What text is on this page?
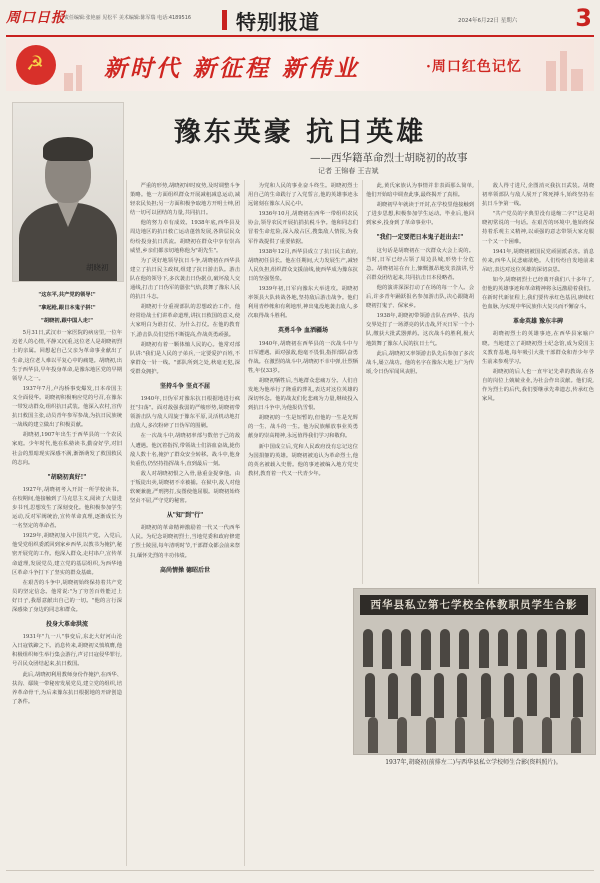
周口日报
责任编辑:张艳丽 见松平 美术编辑:陈军瑞 电话:4189516 特别报道	2024年6月22日 星期六 3
☭	新时代 新征程 新伟业	·周口红色记忆
胡晓初
豫东英豪 抗日英雄
——西华籍革命烈士胡晓初的故事
记者 王锦春 王吉斌

"这东平,共产党的领导!"

"拿起枪,跟日本鬼子拼!"

"胡晓初,跟中国人走!"

5月31日,武汉市一家医院的病房里,一位年迈老人的心情,平静又沉重,这位老人是胡晓初烈士的亲属。回想起自己父亲为革命事业献出了生命,这位老人难以平复心中的痛楚。胡晓初,出生于西华县,早年投身革命,是豫东地区党的早期领导人之一。

1937年7月,卢沟桥事变爆发,日本帝国主义全面侵华。胡晓初积极响应党的号召,在豫东一带发动群众,组织抗日武装。他深入农村,宣传抗日救国主张,动员青年参军参战,为抗日民族统一战线的建立做出了积极贡献。

胡晓初,1907年出生于西华县的一个农民家庭。少年时代,他在私塾读书,勤奋好学,对旧社会的黑暗现实深感不满,渐渐萌发了救国救民的志向。

"胡晓初真好!"

1927年,胡晓初考入开封一所学校读书。在校期间,他接触到了马克思主义,阅读了大量进步书刊,思想发生了深刻变化。他积极参加学生运动,反对军阀统治,宣传革命真理,逐渐成长为一名坚定的革命者。

1929年,胡晓初加入中国共产党。入党后,他受党组织委派回到家乡西华,以教书为掩护,秘密开展党的工作。他深入群众,走村串户,宣传革命道理,发展党员,建立党的基层组织,为西华地区革命斗争打下了坚实的群众基础。

在艰苦的斗争中,胡晓初始终保持着共产党员的坚定信念。他常说:"为了穷苦百姓能过上好日子,我愿意献出自己的一切。"他的言行深深感染了身边的同志和群众。

投身大革命洪流

1931年"九一八"事变后,东北大好河山沦入日寇铁蹄之下。消息传来,胡晓初义愤填膺,他积极组织师生举行集会游行,声讨日寇侵华罪行,号召民众团结起来,抗日救国。

此后,胡晓初利用教师身份作掩护,在西华、扶沟、鄢陵一带秘密发展党员,建立党的组织,培养革命骨干,为后来豫东抗日根据地的开辟创造了条件。

严重的形势,胡晓初审时度势,及时调整斗争策略。他一方面组织群众开展减租减息运动,减轻农民负担;另一方面积极争取地方开明士绅,团结一切可以团结的力量,共同抗日。

他的努力卓有成效。1938年底,西华县及周边地区的抗日救亡运动蓬勃发展,各阶层民众纷纷投身抗日洪流。胡晓初在群众中享有崇高威望,乡亲们都亲切地称他为"胡先生"。

为了更好地领导抗日斗争,胡晓初在西华县建立了抗日民主政权,组建了抗日游击队。游击队在他的领导下,多次袭击日伪据点,破坏敌人交通线,打击了日伪军的嚣张气焰,鼓舞了豫东人民的抗日斗志。

胡晓初十分重视部队的思想政治工作。他经常给战士们讲革命道理,讲抗日救国的意义,使大家明白为谁打仗、为什么打仗。在他的教育下,游击队员们觉悟不断提高,作战英勇顽强。

胡晓初有着一颗体恤人民的心。他常对部队讲:"我们是人民的子弟兵,一定要爱护百姓,不拿群众一针一线。"部队所到之处,秋毫无犯,深受群众拥护。

坚持斗争 坚贞不屈

1940年,日伪军对豫东抗日根据地进行疯狂"扫荡"。面对敌强我弱的严峻形势,胡晓初带领游击队与敌人周旋于豫东平原,灵活机动地打击敌人,多次粉碎了日伪军的围剿。

在一次战斗中,胡晓初率部与数倍于己的敌人遭遇。他沉着指挥,带领战士们浴血奋战,毙伤敌人数十名,掩护了群众安全转移。战斗中,他身负重伤,仍坚持指挥战斗,直到最后一刻。

敌人对胡晓初恨之入骨,悬重金捉拿他。由于叛徒出卖,胡晓初不幸被捕。在狱中,敌人对他软硬兼施,严刑拷打,妄图使他屈服。胡晓初始终坚贞不屈,严守党的秘密。

从"知"到"行"

胡晓初的革命精神激励着一代又一代西华人民。为纪念胡晓初烈士,当地党委和政府修建了烈士陵园,每年清明时节,干部群众都会前来祭扫,缅怀先烈的丰功伟绩。

高尚情操 德昭后世

为党和人民的事业奋斗终生。胡晓初烈士用自己的生命践行了入党誓言,他的英雄事迹永远铭刻在豫东人民心中。

1936年10月,胡晓初在西华一带组织农民协会,领导农民开展抗捐抗税斗争。他和同志们冒着生命危险,深入敌占区,搜集敌人情报,为我军作战提供了重要依据。

1938年12月,西华县成立了抗日民主政府,胡晓初任县长。他在任期间,大力发展生产,减轻人民负担,组织群众支援前线,使西华成为豫东抗日的坚强堡垒。

1939年初,日军向豫东大举进攻。胡晓初率领县大队转战各地,坚持敌后游击战争。他们利用青纱帐和有利地形,神出鬼没地袭击敌人,多次取得战斗胜利。

英勇斗争 血洒疆场

1940年,胡晓初在西华县的一次战斗中与日军遭遇。面对强敌,他毫不畏惧,指挥部队奋勇作战。在激烈的战斗中,胡晓初不幸中弹,壮烈牺牲,年仅33岁。

胡晓初牺牲后,当地群众悲痛万分。人们自发地为他举行了隆重的葬礼,表达对这位英雄的深切怀念。他的战友们化悲痛为力量,继续投入到抗日斗争中,为他报仇雪恨。

胡晓初的一生是短暂的,但他的一生是光辉的一生、战斗的一生。他为民族解放事业英勇献身的崇高精神,永远值得我们学习和敬仰。

新中国成立后,党和人民政府没有忘记这位为国捐躯的英雄。胡晓初被追认为革命烈士,他的英名被载入史册。他的事迹被编入地方党史教材,教育着一代又一代青少年。

此,黄氏家族认为事情并非表面那么简单,他们开始暗中调查此事,最终揭开了真相。

胡晓初早年就读于开封,在学校里他接触到了进步思想,积极参加学生运动。毕业后,他回到家乡,投身到了革命事业中。

"我们一定要把日本鬼子赶出去!"

这句话是胡晓初在一次群众大会上说的。当时,日军已经占领了周边县城,形势十分危急。胡晓初站在台上,慷慨激昂地发表演讲,号召群众团结起来,共同抗击日本侵略者。

他的演讲深深打动了在场的每一个人。会后,许多青年踊跃报名参加游击队,决心跟随胡晓初打鬼子、保家乡。

1938年,胡晓初带领游击队在西华、扶沟交界处打了一场漂亮的伏击战,歼灭日军一个小队,缴获大批武器弹药。这次战斗的胜利,极大地鼓舞了豫东人民的抗日士气。

此后,胡晓初又率领游击队先后参加了多次战斗,屡立战功。他的名字在豫东大地上广为传颂,令日伪军闻风丧胆。

敌人得寸进尺,企图消灭我抗日武装。胡晓初率领部队与敌人展开了殊死搏斗,始终坚持在抗日斗争第一线。

"共产党员的字典里没有退缩二字!"这是胡晓初常说的一句话。在艰苦的环境中,他始终保持着乐观主义精神,以顽强的意志带领大家克服一个又一个困难。

1941年,胡晓初被国民党顽固派杀害。消息传来,西华人民悲痛欲绝。人们纷纷自发地前来吊唁,表达对这位英雄的深切哀思。

如今,胡晓初烈士已经离开我们八十多年了,但他的英雄事迹和革命精神将永远激励着我们。在新时代新征程上,我们要传承红色基因,赓续红色血脉,为实现中华民族伟大复兴而不懈奋斗。

革命英雄 豫东丰碑

胡晓初烈士的英雄事迹,在西华县家喻户晓。当地建立了胡晓初烈士纪念馆,成为爱国主义教育基地,每年吸引大批干部群众和青少年学生前来参观学习。

胡晓初的后人也一直牢记先辈的教诲,在各自的岗位上兢兢业业,为社会作出贡献。他们说,作为烈士的后代,我们要继承先辈遗志,传承红色家风。

西华县私立第七学校全体教职员学生合影
1937年,胡晓初(前排左二)与西华县私立学校师生合影(资料照片)。
